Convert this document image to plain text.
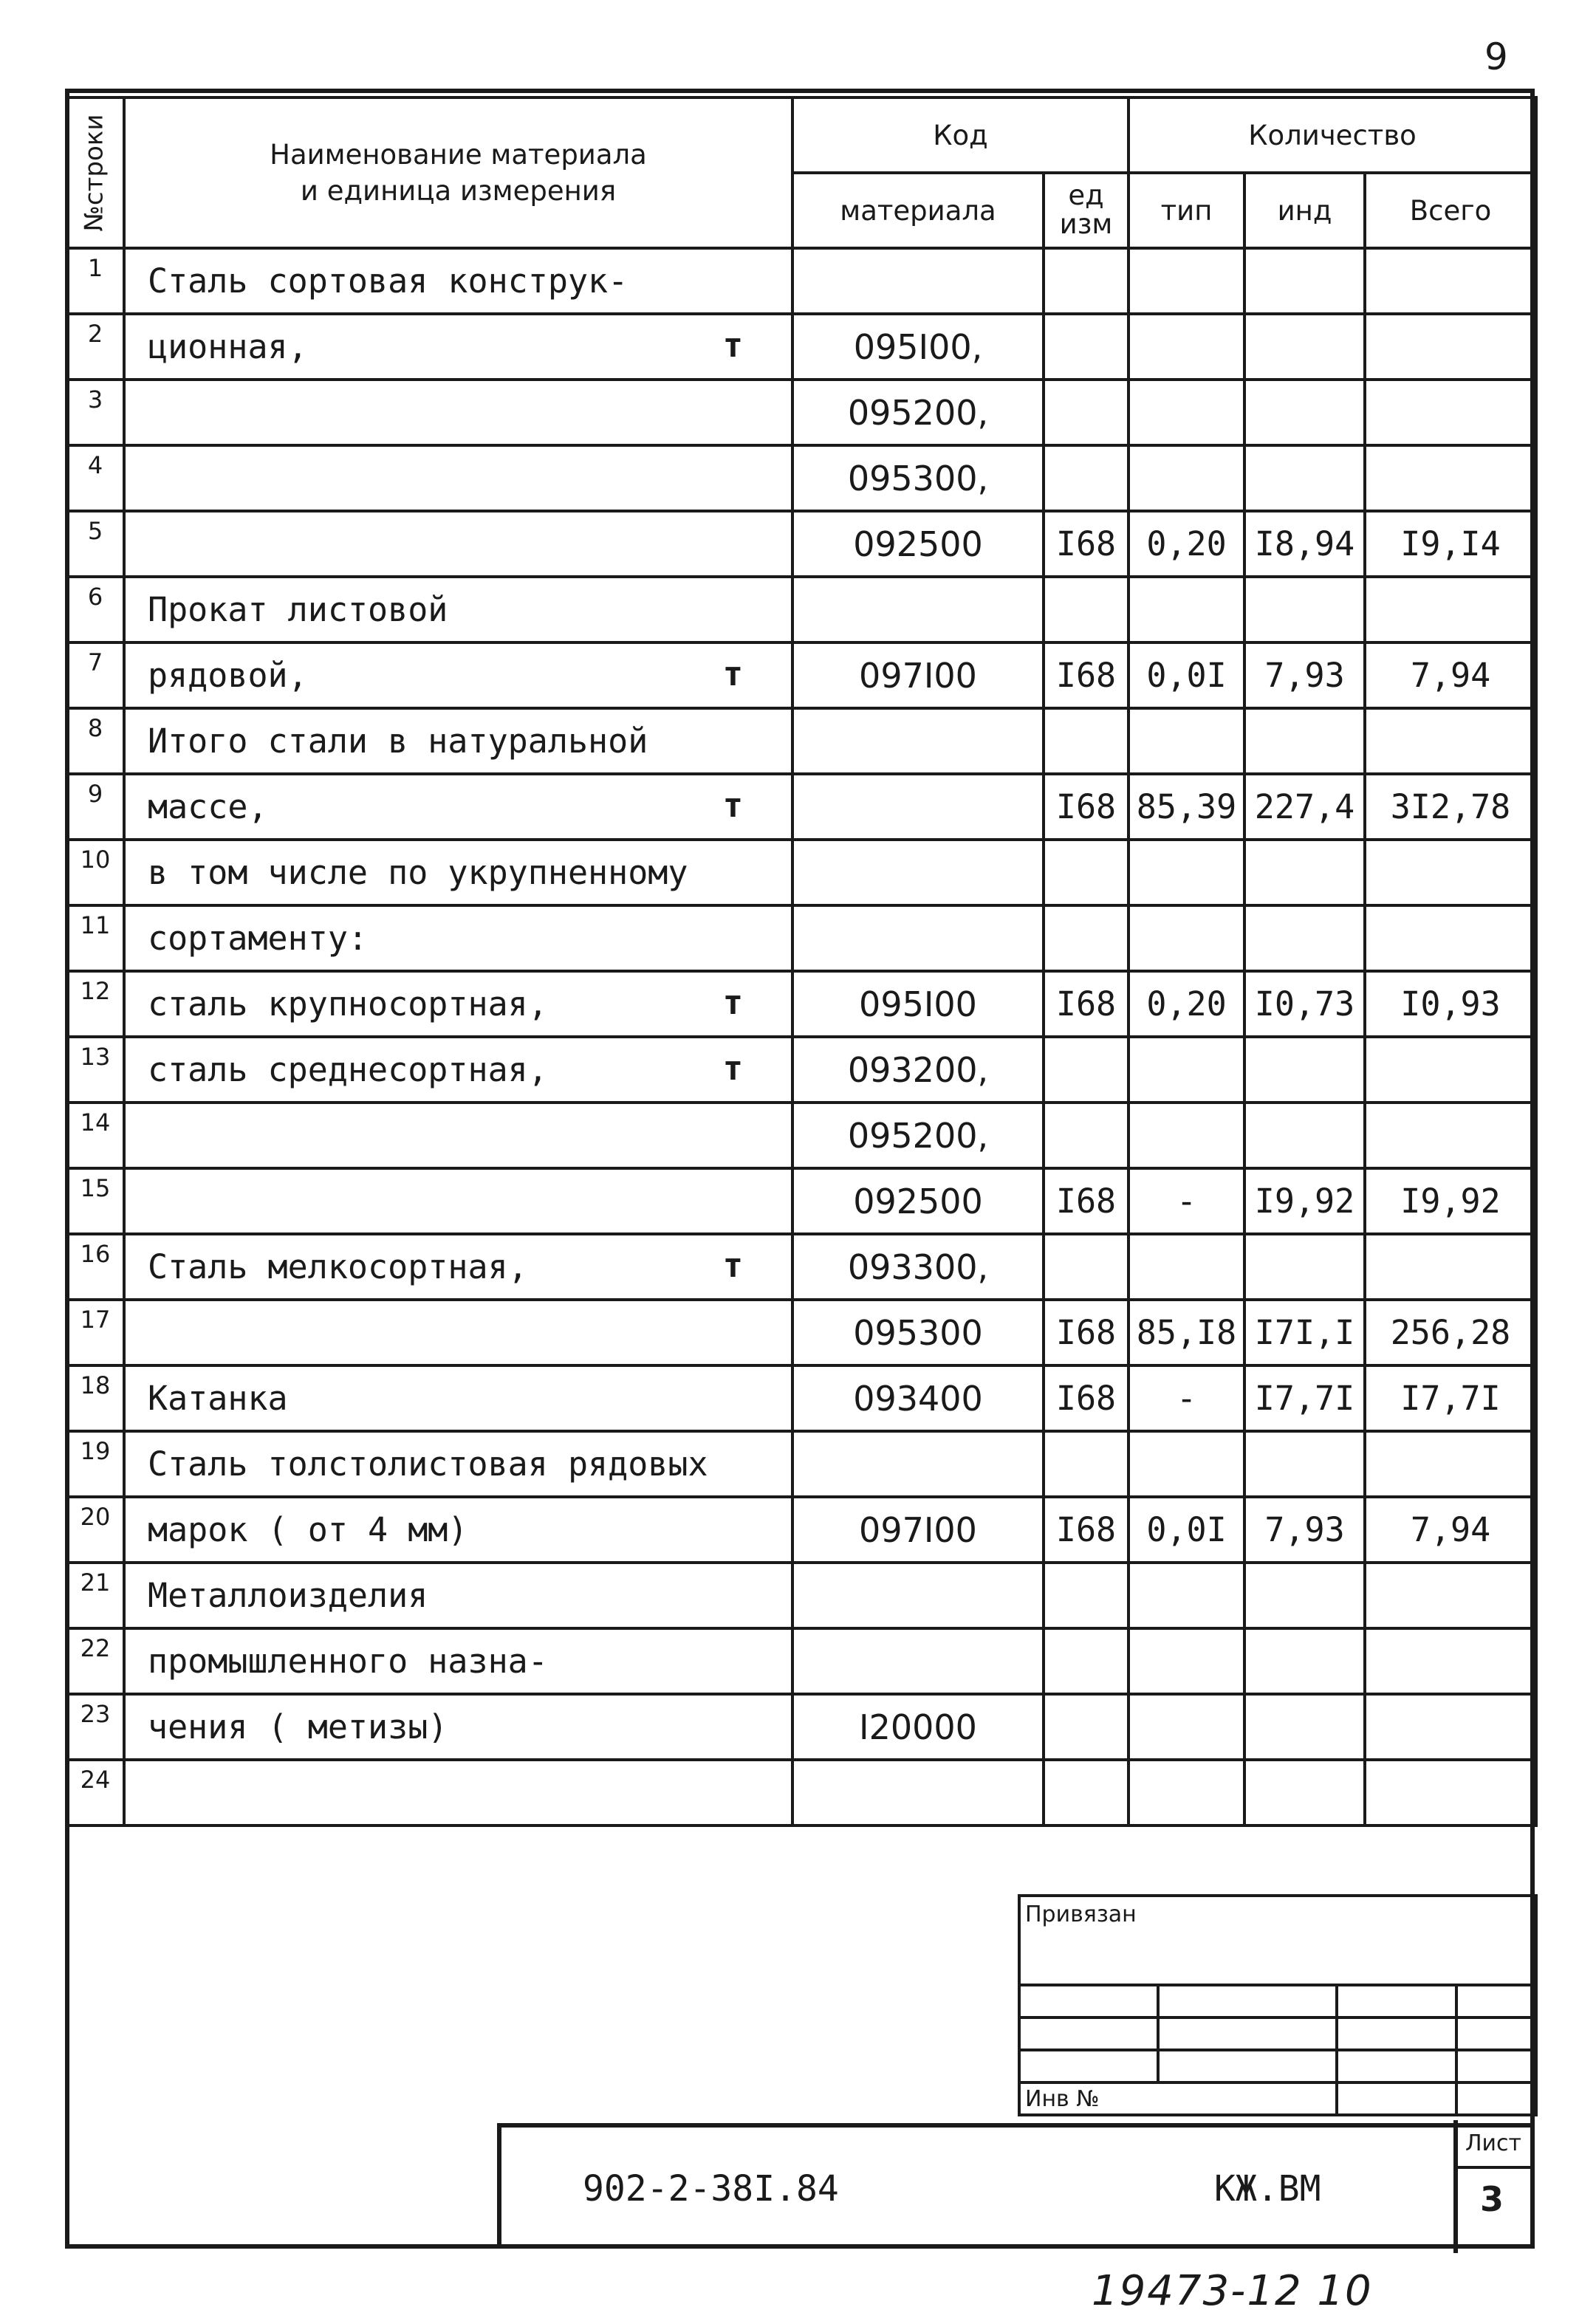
9
№строки	Наименование материала
и единица измерения	Код		Количество		
		материала	ед изм	тип	инд	Всего
1	Сталь сортовая конструк-

2	ционная, т	095I00,				
3		095200,				
4		095300,				
5		092500	I68	0,20	I8,94	I9,I4
6	Прокат листовой

7	рядовой, т	097I00	I68	0,0I	7,93	7,94
8	Итого стали в натуральной

9	массе, т		I68	85,39	227,4	3I2,78
10	в том числе по укрупненному

11	сортаменту:

12	сталь крупносортная, т	095I00	I68	0,20	I0,73	I0,93
13	сталь среднесортная, т	093200,				
14		095200,				
15		092500	I68	-	I9,92	I9,92
16	Сталь мелкосортная, т	093300,				
17		095300	I68	85,I8	I7I,I	256,28
18	Катанка	093400	I68	-	I7,7I	I7,7I
19	Сталь толстолистовая рядовых

20	марок ( от 4 мм)	097I00	I68	0,0I	7,93	7,94
21	Металлоизделия

22	промышленного назна-

23	чения ( метизы)	I20000				
24	

Привязан			

Инв №			
902-2-38I.84	КЖ.ВМ
Лист
3
19473-12 10
